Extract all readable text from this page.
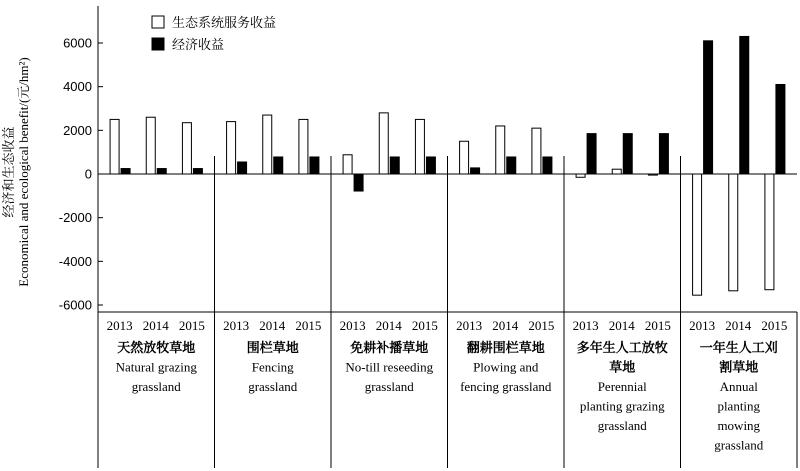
-6000
-4000
-2000
0
2000
4000
6000
2013 2014 2015 2013 2014 2015 2013 2014 2015 2013 2014 2015 2013 2014 2015 2013 2014 2015
天然放牧草地
Natural grazing
grassland
围栏草地
Fencing
grassland
免耕补播草地
No-till reseeding
grassland
翻耕围栏草地
Plowing and
fencing grassland
多年生人工放牧
草地
Perennial
planting grazing
grassland
一年生人工刈
割草地
Annual
planting
mowing
grassland
生态系统服务收益
经济收益
经济和生态收益 Economical and ecological benefit/(元/hm²)
